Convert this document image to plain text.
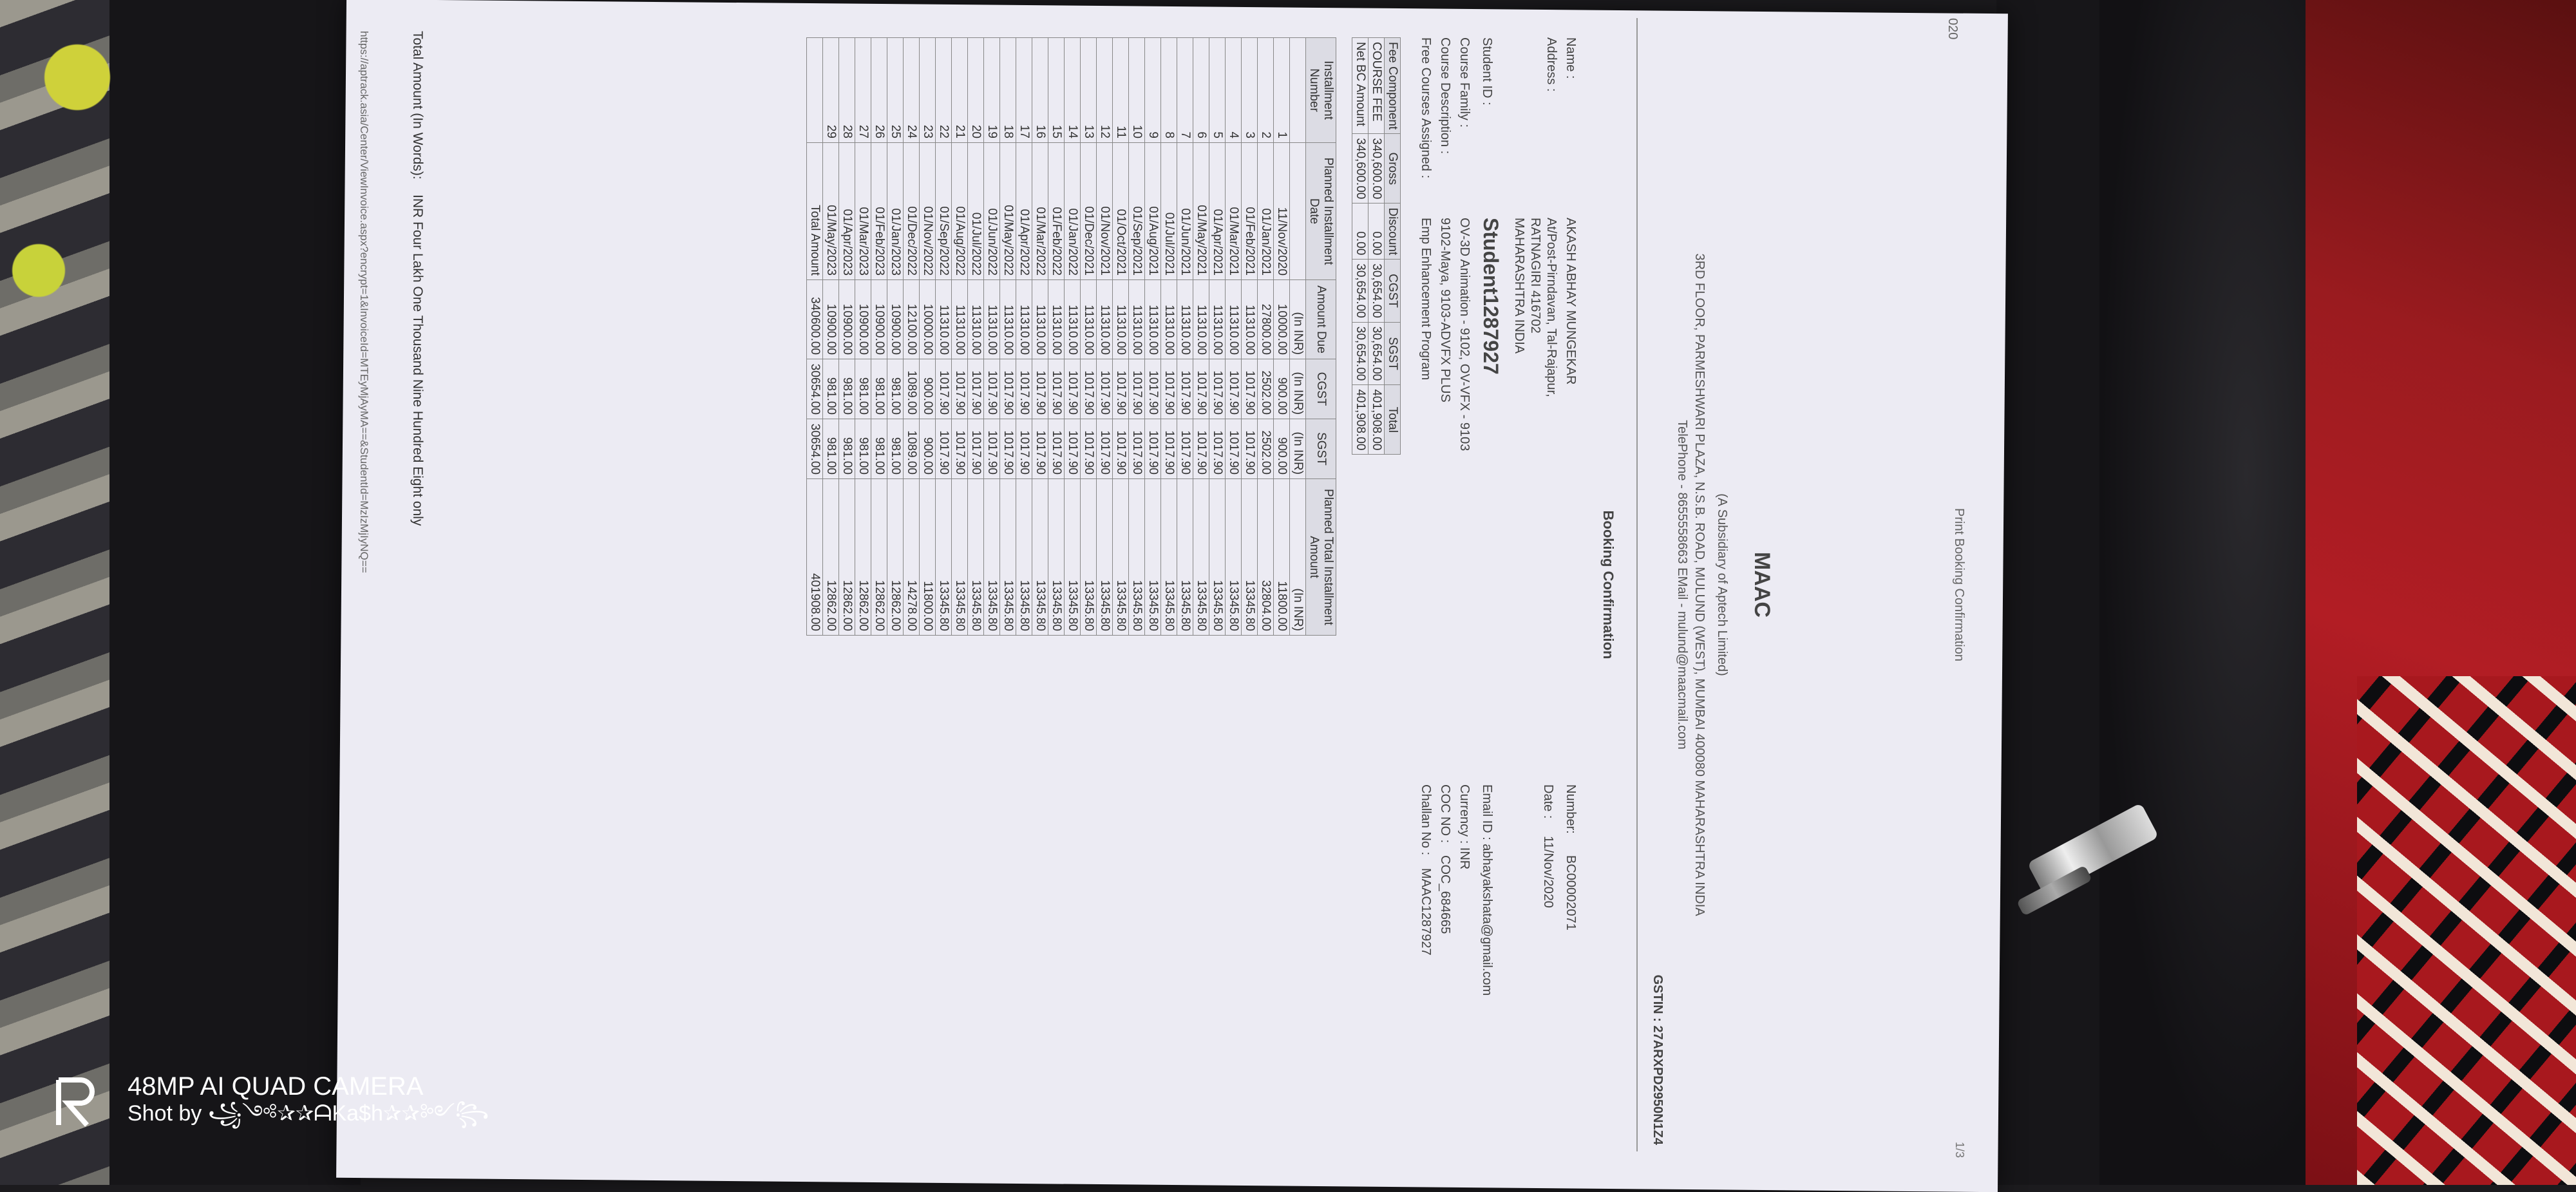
020
Print Booking Confirmation
1/3
MAAC
(A Subsidiary of Aptech Limited)
3RD FLOOR, PARMESHWARI PLAZA, N.S.B. ROAD, MULUND (WEST), MUMBAI 400080 MAHARASHTRA INDIA
TelePhone - 8655558663 EMail - mulund@maacmail.com
GSTIN : 27ARXPD2950N1Z4
Booking Confirmation
Name :
AKASH ABHAY MUNGEKAR
Address :
At/Post-Pirndavan, Tal-Rajapur,
RATNAGIRI 416702
MAHARASHTRA INDIA
Number:
BC00002071
Date :
11/Nov/2020
Student ID :
Student1287927
Email ID : abhayakshata@gmail.com
Course Family :
OV-3D Animation - 9102, OV-VFX - 9103
Currency : INR
Course Description :
9102-Maya, 9103-ADVFX PLUS
COC NO :
COC_684665
Free Courses Assigned :
Emp Enhancement Program
Challan No :
MAAC1287927
Fee Component	Gross	Discount	CGST	SGST	Total
COURSE FEE	340,600.00	0.00	30,654.00	30,654.00	401,908.00
Net BC Amount	340,600.00	0.00	30,654.00	30,654.00	401,908.00
Installment Number	Planned Installment Date	Amount Due	CGST	SGST	Planned Total Installment Amount
		(In INR)	(In INR)	(In INR)	(In INR)
1	11/Nov/2020	10000.00	900.00	900.00	11800.00
2	01/Jan/2021	27800.00	2502.00	2502.00	32804.00
3	01/Feb/2021	11310.00	1017.90	1017.90	13345.80
4	01/Mar/2021	11310.00	1017.90	1017.90	13345.80
5	01/Apr/2021	11310.00	1017.90	1017.90	13345.80
6	01/May/2021	11310.00	1017.90	1017.90	13345.80
7	01/Jun/2021	11310.00	1017.90	1017.90	13345.80
8	01/Jul/2021	11310.00	1017.90	1017.90	13345.80
9	01/Aug/2021	11310.00	1017.90	1017.90	13345.80
10	01/Sep/2021	11310.00	1017.90	1017.90	13345.80
11	01/Oct/2021	11310.00	1017.90	1017.90	13345.80
12	01/Nov/2021	11310.00	1017.90	1017.90	13345.80
13	01/Dec/2021	11310.00	1017.90	1017.90	13345.80
14	01/Jan/2022	11310.00	1017.90	1017.90	13345.80
15	01/Feb/2022	11310.00	1017.90	1017.90	13345.80
16	01/Mar/2022	11310.00	1017.90	1017.90	13345.80
17	01/Apr/2022	11310.00	1017.90	1017.90	13345.80
18	01/May/2022	11310.00	1017.90	1017.90	13345.80
19	01/Jun/2022	11310.00	1017.90	1017.90	13345.80
20	01/Jul/2022	11310.00	1017.90	1017.90	13345.80
21	01/Aug/2022	11310.00	1017.90	1017.90	13345.80
22	01/Sep/2022	11310.00	1017.90	1017.90	13345.80
23	01/Nov/2022	10000.00	900.00	900.00	11800.00
24	01/Dec/2022	12100.00	1089.00	1089.00	14278.00
25	01/Jan/2023	10900.00	981.00	981.00	12862.00
26	01/Feb/2023	10900.00	981.00	981.00	12862.00
27	01/Mar/2023	10900.00	981.00	981.00	12862.00
28	01/Apr/2023	10900.00	981.00	981.00	12862.00
29	01/May/2023	10900.00	981.00	981.00	12862.00
	Total Amount	340600.00	30654.00	30654.00	401908.00
Total Amount (In Words):    INR Four Lakh One Thousand Nine Hundred Eight only
https://aptrack.asia/Center/ViewInvoice.aspx?encrypt=1&InvoiceId=MTEyMjAyMA==&StudentId=MzIzMjIyNQ==
48MP AI QUAD CAMERA
Shot by ꧁༺✰✰ᗩKa$h✰✰༻꧂
